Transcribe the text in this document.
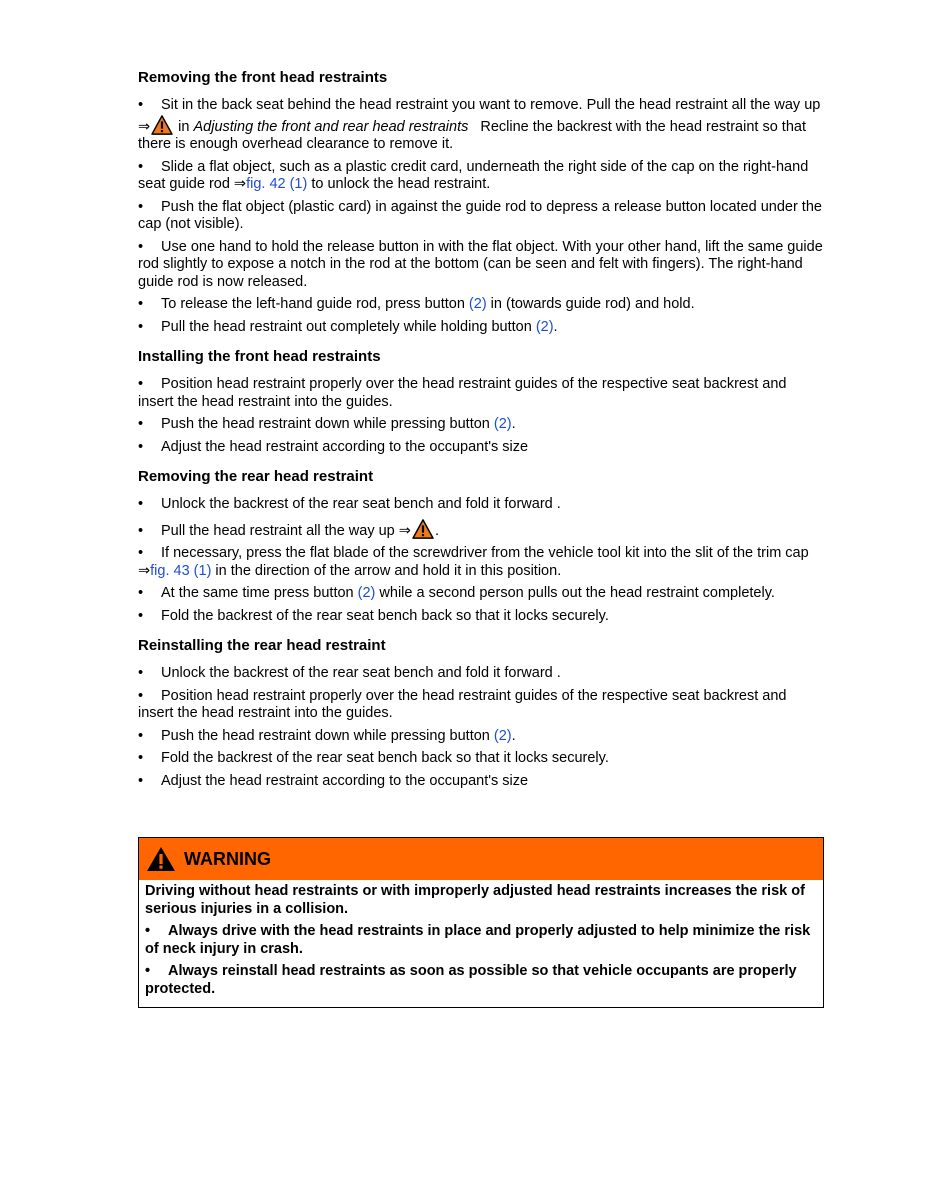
Removing the front head restraints

• Sit in the back seat behind the head restraint you want to remove. Pull the head restraint all the way up ⇒ in Adjusting the front and rear head restraints Recline the backrest with the head restraint so that there is enough overhead clearance to remove it.

• Slide a flat object, such as a plastic credit card, underneath the right side of the cap on the right-hand seat guide rod ⇒fig. 42 (1) to unlock the head restraint.

• Push the flat object (plastic card) in against the guide rod to depress a release button located under the cap (not visible).

• Use one hand to hold the release button in with the flat object. With your other hand, lift the same guide rod slightly to expose a notch in the rod at the bottom (can be seen and felt with fingers). The right-hand guide rod is now released.

• To release the left-hand guide rod, press button (2) in (towards guide rod) and hold.

• Pull the head restraint out completely while holding button (2).

Installing the front head restraints

• Position head restraint properly over the head restraint guides of the respective seat backrest and insert the head restraint into the guides.

• Push the head restraint down while pressing button (2).

• Adjust the head restraint according to the occupant's size

Removing the rear head restraint

• Unlock the backrest of the rear seat bench and fold it forward .

• Pull the head restraint all the way up ⇒ .

• If necessary, press the flat blade of the screwdriver from the vehicle tool kit into the slit of the trim cap ⇒fig. 43 (1) in the direction of the arrow and hold it in this position.

• At the same time press button (2) while a second person pulls out the head restraint completely.

• Fold the backrest of the rear seat bench back so that it locks securely.

Reinstalling the rear head restraint

• Unlock the backrest of the rear seat bench and fold it forward .

• Position head restraint properly over the head restraint guides of the respective seat backrest and insert the head restraint into the guides.

• Push the head restraint down while pressing button (2).

• Fold the backrest of the rear seat bench back so that it locks securely.

• Adjust the head restraint according to the occupant's size

WARNING

Driving without head restraints or with improperly adjusted head restraints increases the risk of serious injuries in a collision.

• Always drive with the head restraints in place and properly adjusted to help minimize the risk of neck injury in crash.

• Always reinstall head restraints as soon as possible so that vehicle occupants are properly protected.
